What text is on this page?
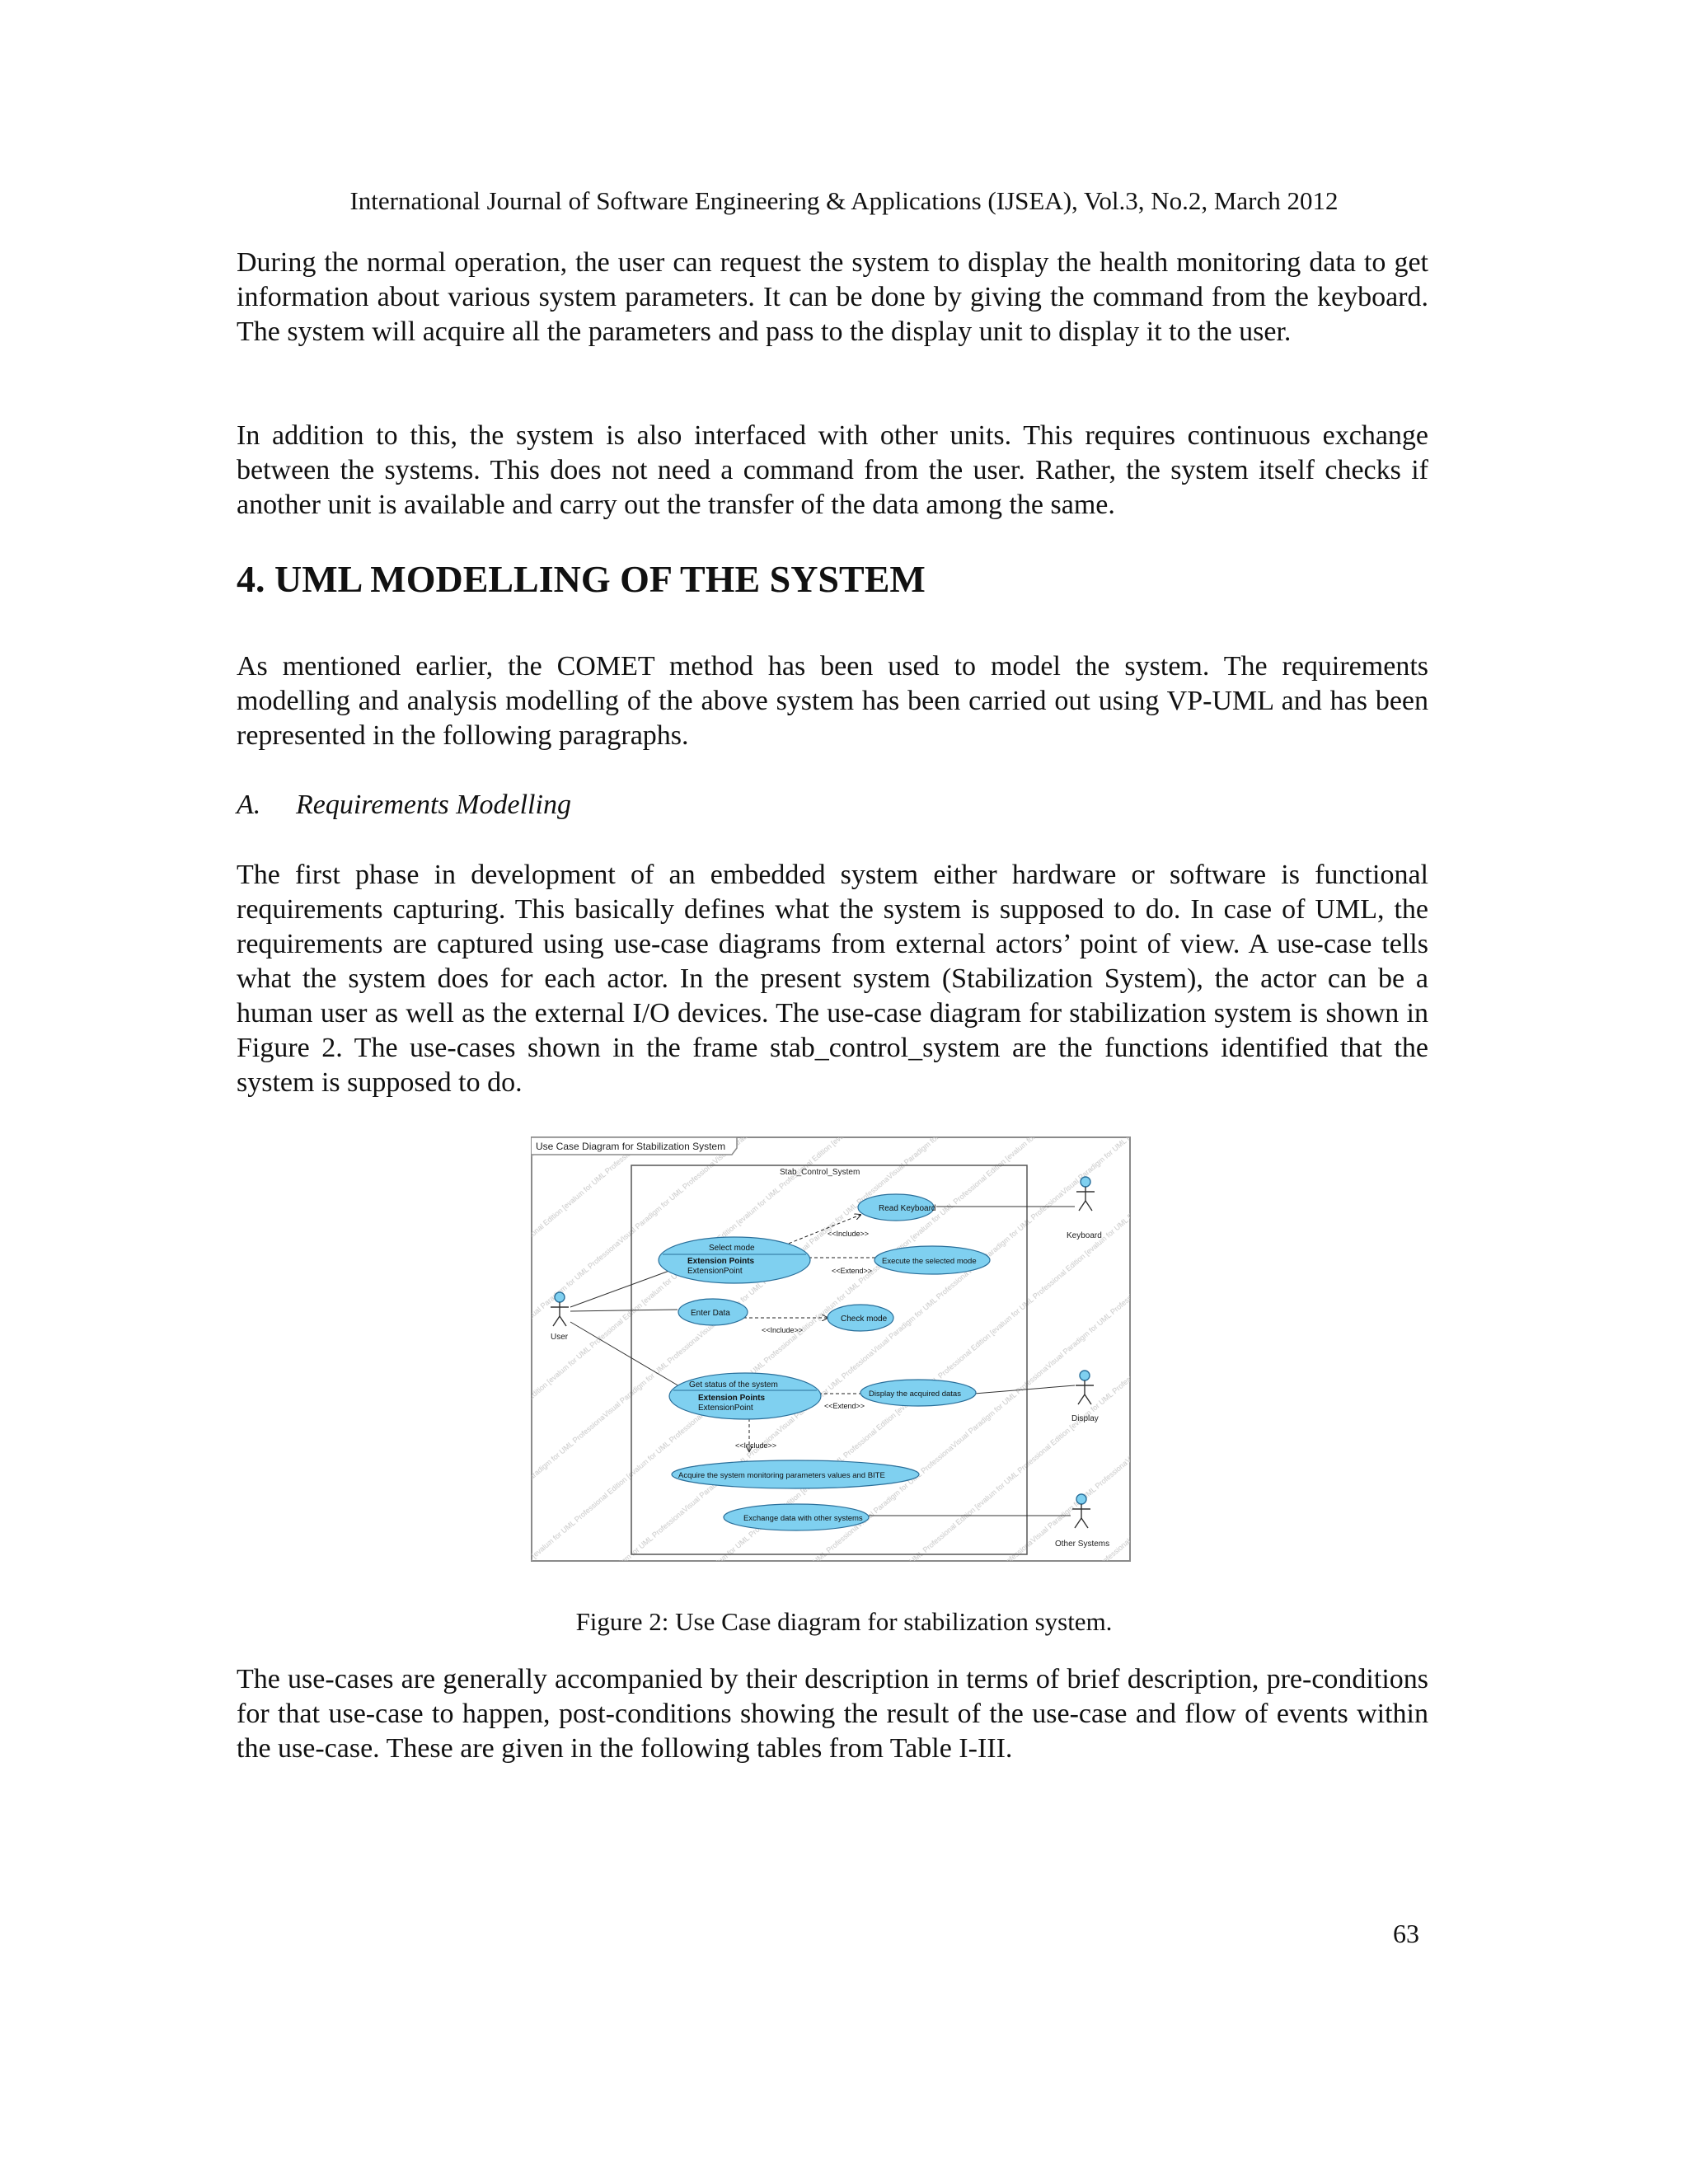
International Journal of Software Engineering & Applications (IJSEA), Vol.3, No.2, March 2012

During the normal operation, the user can request the system to display the health monitoring data to get information about various system parameters. It can be done by giving the command from the keyboard. The system will acquire all the parameters and pass to the display unit to display it to the user.

In addition to this, the system is also interfaced with other units. This requires continuous exchange between the systems. This does not need a command from the user. Rather, the system itself checks if another unit is available and carry out the transfer of the data among the same.

4. UML MODELLING OF THE SYSTEM

As mentioned earlier, the COMET method has been used to model the system. The requirements modelling and analysis modelling of the above system has been carried out using VP-UML and has been represented in the following paragraphs.

A. Requirements Modelling

The first phase in development of an embedded system either hardware or software is functional requirements capturing. This basically defines what the system is supposed to do. In case of UML, the requirements are captured using use-case diagrams from external actors’ point of view. A use-case tells what the system does for each actor. In the present system (Stabilization System), the actor can be a human user as well as the external I/O devices. The use-case diagram for stabilization system is shown in Figure 2. The use-cases shown in the frame stab_control_system are the functions identified that the system is supposed to do.

Use Case Diagram for Stabilization System
Stab_Control_System
User
Keyboard
Display
Other Systems
Read Keyboard
Select mode
Extension Points
ExtensionPoint
Execute the selected mode
Enter Data
Check mode
Get status of the system
Extension Points
ExtensionPoint
Display the acquired datas
Acquire the system monitoring parameters values and BITE
Exchange data with other systems
<<Include>>
<<Extend>>
<<Include>>
<<Extend>>
<<Include>>
Figure 2: Use Case diagram for stabilization system.

The use-cases are generally accompanied by their description in terms of brief description, pre-conditions for that use-case to happen, post-conditions showing the result of the use-case and flow of events within the use-case. These are given in the following tables from Table I-III.

63
